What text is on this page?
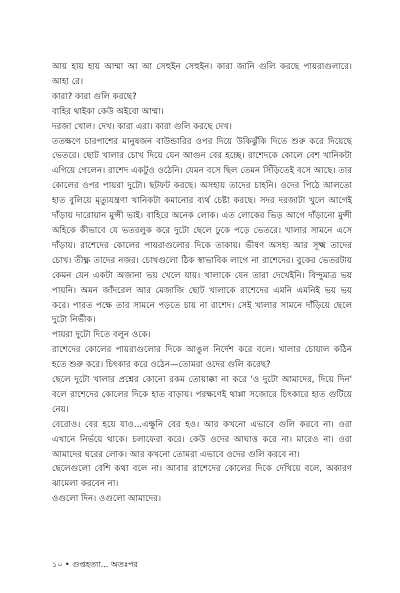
আয় হায় হায় আম্মা আ আ সেহুইন সেহুইন। কারা জানি গুলি করছে পায়রাগুলারে। আহা রে।

কারা? কারা গুলি করছে?

বাহির থাইকা কেউ অইবো আম্মা।

দরজা খোল। দেখ। কারা এরা। কারা গুলি করছে দেখ।

ততক্ষণে চারপাশের মানুষজন বাউন্ডারির ওপর দিয়ে উকিঝুঁকি দিতে শুরু করে দিয়েছে ভেতরে। ছোট খালার চোখ দিয়ে যেন আগুন বের হচ্ছে। রাশেদকে কোলে বেশ খানিকটা এগিয়ে গেলেন। রাশেদ একটুও ওঠেনি। যেমন বসে ছিল তেমন সিঁড়িতেই বসে আছে। তার কোলের ওপর পায়রা দুটো। ছটফট করছে। অসহায় তাদের চাহনি। ওদের পিঠে আলতো হাত বুলিয়ে মৃত্যুযন্ত্রণা খানিকটা কমানোর ব্যর্থ চেষ্টা করছে। সদর দরজাটা খুলে আগেই দাঁড়ায় দারোয়ান মুন্সী ভাই। বাহিরে অনেক লোক। এত লোকের ভিড় আগে দাঁড়ানো মুন্সী অহিকে কীভাবে যে ভতরলুক করে দুটো ছেলে ঢুকে পড়ে ভেতরে। খালার সামনে এসে দাঁড়ায়। রাশেদের কোলের পায়রাগুলোর দিকে তাকায়। ভীষণ অসহ্য আর সূক্ষ্ম তাদের চোখ। তীক্ষ্ণ তাদের নজর। চোখগুলো ঠিক স্বাভাবিক লাগে না রাশেদের। বুকের ভেতরটায় কেমন যেন একটা অজানা ভয় খেলে যায়। খালাকে যেন তারা দেখেইনি। বিন্দুমাত্র ভয় পায়নি। অমন জাঁদরেল আর মেজাজি ছোট খালাকে রাশেদের এমনি এমনিই ভয় ভয় করে। পারত পক্ষে তার সামনে পড়তে চায় না রাশেদ। সেই খালার সামনে দাঁড়িয়ে ছেলে দুটো নির্ভীক।

পায়রা দুটো দিতে বলুন ওকে।

রাশেদের কোলের পায়রাগুলোর দিকে আঙুল নির্দেশ করে বলে। খালার চোয়াল কঠিন হতে শুরু করে। চিৎকার করে ওঠেন—তোমরা ওদের গুলি করেছ?

ছেলে দুটো খালার প্রশ্নের কোনো রকম তোয়াক্কা না করে 'ও দুটো আমাদের, দিয়ে দিন' বলে রাশেদের কোলের দিকে হাত বাড়ায়। পরক্ষণেই থাপ্পা সজোরে চিৎকারে হাত গুটিয়ে নেয়।

বেরোও। বের হয়ে যাও...এক্ষুনি বের হও। আর কখনো এভাবে গুলি করবে না। ওরা এখানে নির্ভয়ে থাকে। চলাফেরা করে। কেউ ওদের আঘাত্ত করে না। মারেও না। ওরা আমাদের ঘরের লোক। আর কখনো তোমরা এভাবে ওদের গুলি করবে না।

ছেলেগুলো বেশি কথা বলে না। আবার রাশেদের কোলের দিকে দেখিয়ে বলে, অকারণ ঝামেলা করবেন না।

ওগুলো দিন। ওগুলো আমাদের।

১০ • গুপ্তহত্যা... অতঃপর
